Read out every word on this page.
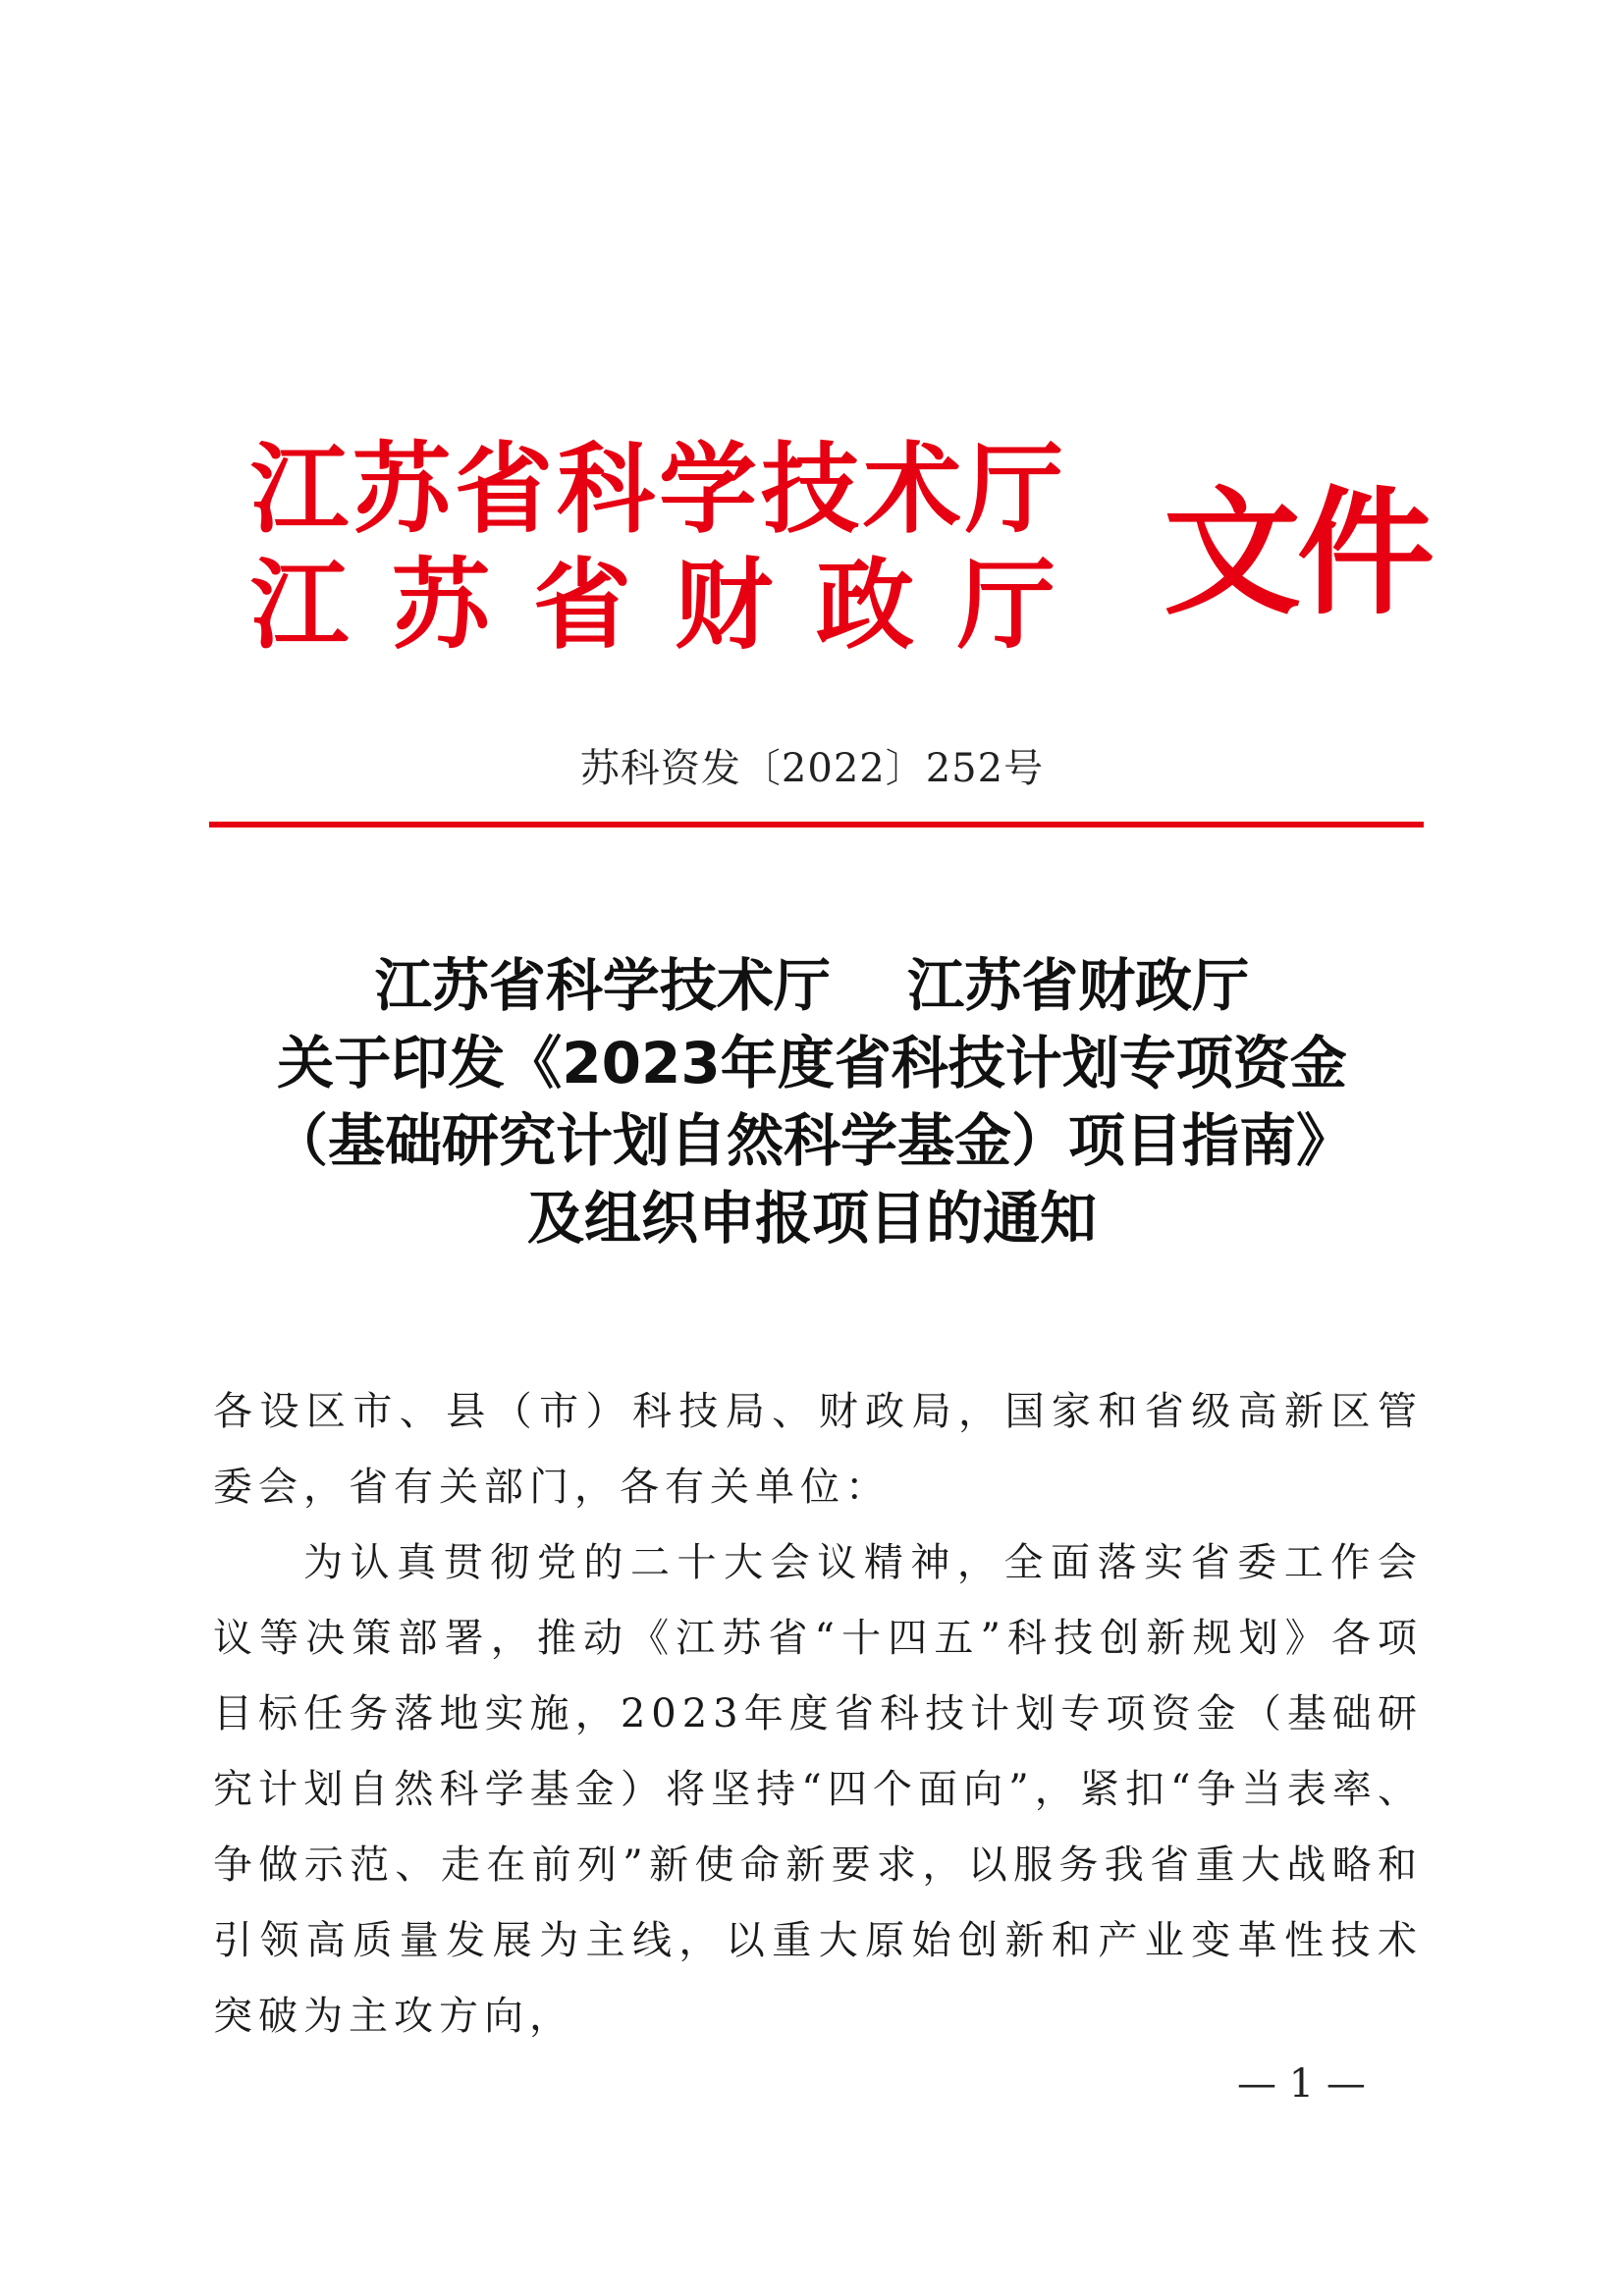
江苏省科学技术厅
江苏省财政厅 文件
苏科资发〔2022〕252号
江苏省科学技术厅　 江苏省财政厅
关于印发《2023年度省科技计划专项资金
（基础研究计划自然科学基金）项目指南》
及组织申报项目的通知

各设区市、县（市）科技局、财政局，国家和省级高新区管委会，省有关部门，各有关单位：

为认真贯彻党的二十大会议精神，全面落实省委工作会议等决策部署，推动《江苏省“十四五”科技创新规划》各项目标任务落地实施，2023年度省科技计划专项资金（基础研究计划自然科学基金）将坚持“四个面向”，紧扣“争当表率、争做示范、走在前列”新使命新要求，以服务我省重大战略和引领高质量发展为主线，以重大原始创新和产业变革性技术突破为主攻方向，

— 1 —
